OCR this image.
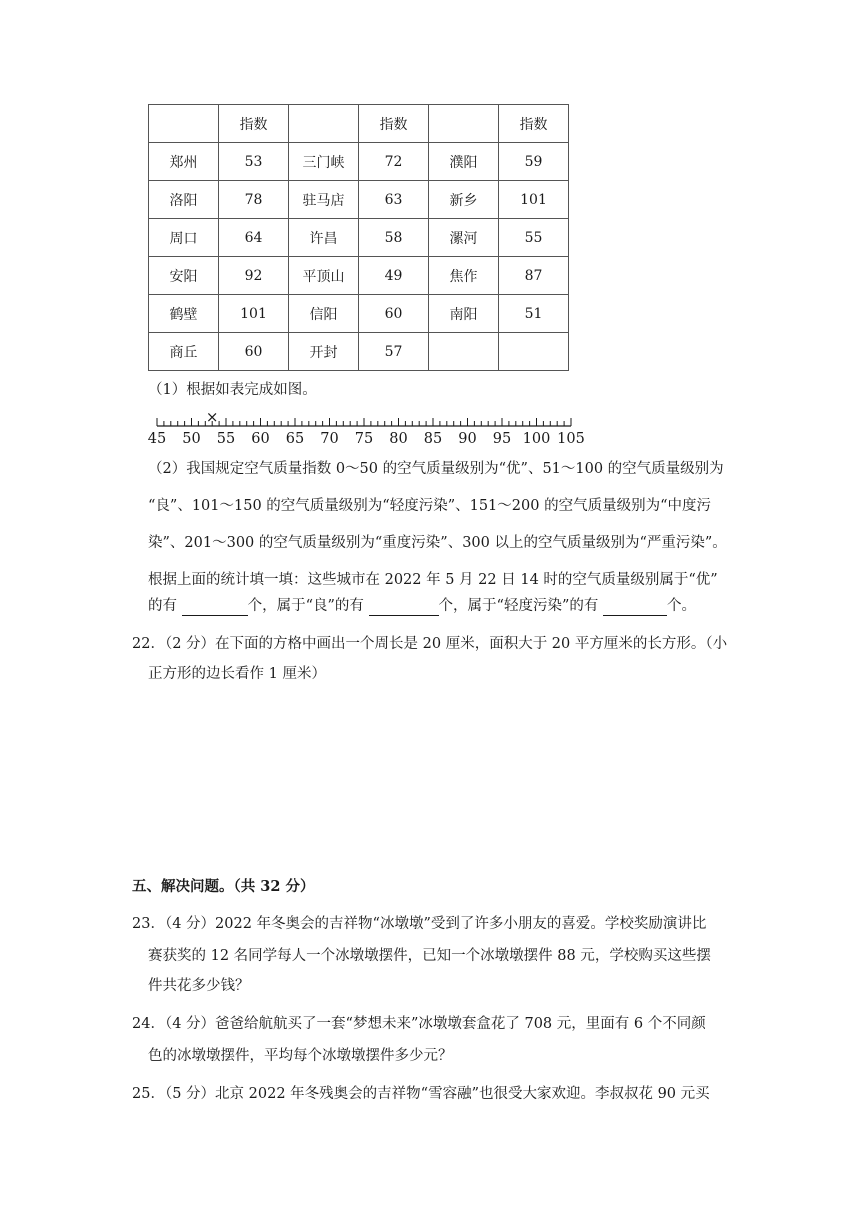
	指数		指数		指数
郑州	53	三门峡	72	濮阳	59
洛阳	78	驻马店	63	新乡	101
周口	64	许昌	58	漯河	55
安阳	92	平顶山	49	焦作	87
鹤壁	101	信阳	60	南阳	51
商丘	60	开封	57		
（1）根据如表完成如图。
45 50 55 60 65 70 75 80 85 90 95 100 105
×
（2）我国规定空气质量指数 0～50 的空气质量级别为“优”、51～100 的空气质量级别为
“良”、101～150 的空气质量级别为“轻度污染”、151～200 的空气质量级别为“中度污
染”、201～300 的空气质量级别为“重度污染”、300 以上的空气质量级别为“严重污染”。
根据上面的统计填一填：这些城市在 2022 年 5 月 22 日 14 时的空气质量级别属于“优”
的有	个，属于“良”的有	个，属于“轻度污染”的有	个。
22．（2 分）在下面的方格中画出一个周长是 20 厘米，面积大于 20 平方厘米的长方形。（小
正方形的边长看作 1 厘米）
五、解决问题。（共 32 分）
23．（4 分）2022 年冬奥会的吉祥物“冰墩墩”受到了许多小朋友的喜爱。学校奖励演讲比
赛获奖的 12 名同学每人一个冰墩墩摆件，已知一个冰墩墩摆件 88 元，学校购买这些摆
件共花多少钱？
24．（4 分）爸爸给航航买了一套“梦想未来”冰墩墩套盒花了 708 元，里面有 6 个不同颜
色的冰墩墩摆件，平均每个冰墩墩摆件多少元？
25．（5 分）北京 2022 年冬残奥会的吉祥物“雪容融”也很受大家欢迎。李叔叔花 90 元买
